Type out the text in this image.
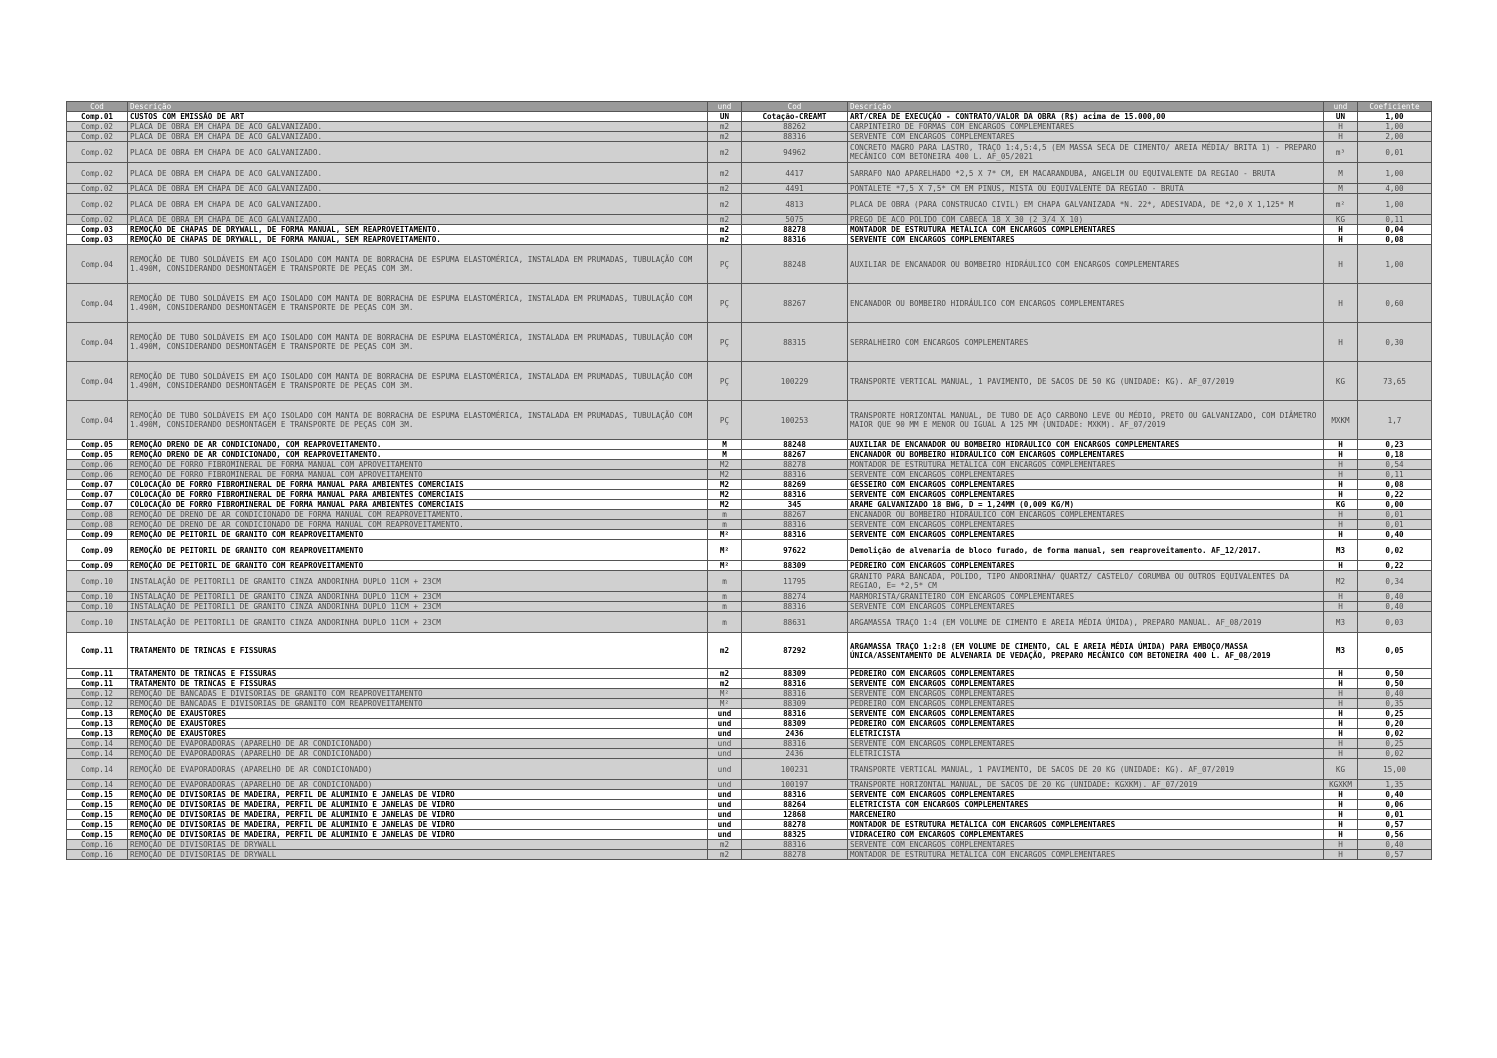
Cod	Descrição	und	Cod	Descrição	und	Coeficiente
Comp.01	CUSTOS COM EMISSÃO DE ART	UN	Cotação-CREAMT	ART/CREA DE EXECUÇÃO - CONTRATO/VALOR DA OBRA (R$) acima de 15.000,00	UN	1,00
Comp.02	PLACA DE OBRA EM CHAPA DE ACO GALVANIZADO.	m2	88262	CARPINTEIRO DE FORMAS COM ENCARGOS COMPLEMENTARES	H	1,00
Comp.02	PLACA DE OBRA EM CHAPA DE ACO GALVANIZADO.	m2	88316	SERVENTE COM ENCARGOS COMPLEMENTARES	H	2,00
Comp.02	PLACA DE OBRA EM CHAPA DE ACO GALVANIZADO.	m2	94962	CONCRETO MAGRO PARA LASTRO, TRAÇO 1:4,5:4,5 (EM MASSA SECA DE CIMENTO/ AREIA MÉDIA/ BRITA 1) - PREPARO MECÂNICO COM BETONEIRA 400 L. AF_05/2021	m³	0,01
Comp.02	PLACA DE OBRA EM CHAPA DE ACO GALVANIZADO.	m2	4417	SARRAFO NAO APARELHADO *2,5 X 7* CM, EM MACARANDUBA, ANGELIM OU EQUIVALENTE DA REGIAO - BRUTA	M	1,00
Comp.02	PLACA DE OBRA EM CHAPA DE ACO GALVANIZADO.	m2	4491	PONTALETE *7,5 X 7,5* CM EM PINUS, MISTA OU EQUIVALENTE DA REGIAO - BRUTA	M	4,00
Comp.02	PLACA DE OBRA EM CHAPA DE ACO GALVANIZADO.	m2	4813	PLACA DE OBRA (PARA CONSTRUCAO CIVIL) EM CHAPA GALVANIZADA *N. 22*, ADESIVADA, DE *2,0 X 1,125* M	m²	1,00
Comp.02	PLACA DE OBRA EM CHAPA DE ACO GALVANIZADO.	m2	5075	PREGO DE ACO POLIDO COM CABECA 18 X 30 (2 3/4 X 10)	KG	0,11
Comp.03	REMOÇÃO DE CHAPAS DE DRYWALL, DE FORMA MANUAL, SEM REAPROVEITAMENTO.	m2	88278	MONTADOR DE ESTRUTURA METÁLICA COM ENCARGOS COMPLEMENTARES	H	0,04
Comp.03	REMOÇÃO DE CHAPAS DE DRYWALL, DE FORMA MANUAL, SEM REAPROVEITAMENTO.	m2	88316	SERVENTE COM ENCARGOS COMPLEMENTARES	H	0,08
Comp.04	REMOÇÃO DE TUBO SOLDÁVEIS EM AÇO ISOLADO COM MANTA DE BORRACHA DE ESPUMA ELASTOMÉRICA, INSTALADA EM PRUMADAS, TUBULAÇÃO COM 1.490M, CONSIDERANDO DESMONTAGEM E TRANSPORTE DE PEÇAS COM 3M.	PÇ	88248	AUXILIAR DE ENCANADOR OU BOMBEIRO HIDRÁULICO COM ENCARGOS COMPLEMENTARES	H	1,00
Comp.04	REMOÇÃO DE TUBO SOLDÁVEIS EM AÇO ISOLADO COM MANTA DE BORRACHA DE ESPUMA ELASTOMÉRICA, INSTALADA EM PRUMADAS, TUBULAÇÃO COM 1.490M, CONSIDERANDO DESMONTAGEM E TRANSPORTE DE PEÇAS COM 3M.	PÇ	88267	ENCANADOR OU BOMBEIRO HIDRÁULICO COM ENCARGOS COMPLEMENTARES	H	0,60
Comp.04	REMOÇÃO DE TUBO SOLDÁVEIS EM AÇO ISOLADO COM MANTA DE BORRACHA DE ESPUMA ELASTOMÉRICA, INSTALADA EM PRUMADAS, TUBULAÇÃO COM 1.490M, CONSIDERANDO DESMONTAGEM E TRANSPORTE DE PEÇAS COM 3M.	PÇ	88315	SERRALHEIRO COM ENCARGOS COMPLEMENTARES	H	0,30
Comp.04	REMOÇÃO DE TUBO SOLDÁVEIS EM AÇO ISOLADO COM MANTA DE BORRACHA DE ESPUMA ELASTOMÉRICA, INSTALADA EM PRUMADAS, TUBULAÇÃO COM 1.490M, CONSIDERANDO DESMONTAGEM E TRANSPORTE DE PEÇAS COM 3M.	PÇ	100229	TRANSPORTE VERTICAL MANUAL, 1 PAVIMENTO, DE SACOS DE 50 KG (UNIDADE: KG). AF_07/2019	KG	73,65
Comp.04	REMOÇÃO DE TUBO SOLDÁVEIS EM AÇO ISOLADO COM MANTA DE BORRACHA DE ESPUMA ELASTOMÉRICA, INSTALADA EM PRUMADAS, TUBULAÇÃO COM 1.490M, CONSIDERANDO DESMONTAGEM E TRANSPORTE DE PEÇAS COM 3M.	PÇ	100253	TRANSPORTE HORIZONTAL MANUAL, DE TUBO DE AÇO CARBONO LEVE OU MÉDIO, PRETO OU GALVANIZADO, COM DIÂMETRO MAIOR QUE 90 MM E MENOR OU IGUAL A 125 MM (UNIDADE: MXKM). AF_07/2019	MXKM	1,7
Comp.05	REMOÇÃO DRENO DE AR CONDICIONADO, COM REAPROVEITAMENTO.	M	88248	AUXILIAR DE ENCANADOR OU BOMBEIRO HIDRÁULICO COM ENCARGOS COMPLEMENTARES	H	0,23
Comp.05	REMOÇÃO DRENO DE AR CONDICIONADO, COM REAPROVEITAMENTO.	M	88267	ENCANADOR OU BOMBEIRO HIDRÁULICO COM ENCARGOS COMPLEMENTARES	H	0,18
Comp.06	REMOÇÃO DE FORRO FIBROMINERAL DE FORMA MANUAL COM APROVEITAMENTO	M2	88278	MONTADOR DE ESTRUTURA METÁLICA COM ENCARGOS COMPLEMENTARES	H	0,54
Comp.06	REMOÇÃO DE FORRO FIBROMINERAL DE FORMA MANUAL COM APROVEITAMENTO	M2	88316	SERVENTE COM ENCARGOS COMPLEMENTARES	H	0,11
Comp.07	COLOCAÇÃO DE FORRO FIBROMINERAL DE FORMA MANUAL PARA AMBIENTES COMERCIAIS	M2	88269	GESSEIRO COM ENCARGOS COMPLEMENTARES	H	0,08
Comp.07	COLOCAÇÃO DE FORRO FIBROMINERAL DE FORMA MANUAL PARA AMBIENTES COMERCIAIS	M2	88316	SERVENTE COM ENCARGOS COMPLEMENTARES	H	0,22
Comp.07	COLOCAÇÃO DE FORRO FIBROMINERAL DE FORMA MANUAL PARA AMBIENTES COMERCIAIS	M2	345	ARAME GALVANIZADO 18 BWG, D = 1,24MM (0,009 KG/M)	KG	0,00
Comp.08	REMOÇÃO DE DRENO DE AR CONDICIONADO DE FORMA MANUAL COM REAPROVEITAMENTO.	m	88267	ENCANADOR OU BOMBEIRO HIDRÁULICO COM ENCARGOS COMPLEMENTARES	H	0,01
Comp.08	REMOÇÃO DE DRENO DE AR CONDICIONADO DE FORMA MANUAL COM REAPROVEITAMENTO.	m	88316	SERVENTE COM ENCARGOS COMPLEMENTARES	H	0,01
Comp.09	REMOÇÃO DE PEITORIL DE GRANITO COM REAPROVEITAMENTO	M²	88316	SERVENTE COM ENCARGOS COMPLEMENTARES	H	0,40
Comp.09	REMOÇÃO DE PEITORIL DE GRANITO COM REAPROVEITAMENTO	M²	97622	Demolição de alvenaria de bloco furado, de forma manual, sem reaproveitamento. AF_12/2017.	M3	0,02
Comp.09	REMOÇÃO DE PEITORIL DE GRANITO COM REAPROVEITAMENTO	M²	88309	PEDREIRO COM ENCARGOS COMPLEMENTARES	H	0,22
Comp.10	INSTALAÇÃO DE PEITORIL1 DE GRANITO CINZA ANDORINHA DUPLO 11CM + 23CM	m	11795	GRANITO PARA BANCADA, POLIDO, TIPO ANDORINHA/ QUARTZ/ CASTELO/ CORUMBA OU OUTROS EQUIVALENTES DA REGIAO, E= *2,5* CM	M2	0,34
Comp.10	INSTALAÇÃO DE PEITORIL1 DE GRANITO CINZA ANDORINHA DUPLO 11CM + 23CM	m	88274	MARMORISTA/GRANITEIRO COM ENCARGOS COMPLEMENTARES	H	0,40
Comp.10	INSTALAÇÃO DE PEITORIL1 DE GRANITO CINZA ANDORINHA DUPLO 11CM + 23CM	m	88316	SERVENTE COM ENCARGOS COMPLEMENTARES	H	0,40
Comp.10	INSTALAÇÃO DE PEITORIL1 DE GRANITO CINZA ANDORINHA DUPLO 11CM + 23CM	m	88631	ARGAMASSA TRAÇO 1:4 (EM VOLUME DE CIMENTO E AREIA MÉDIA ÚMIDA), PREPARO MANUAL. AF_08/2019	M3	0,03
Comp.11	TRATAMENTO DE TRINCAS E FISSURAS	m2	87292	ARGAMASSA TRAÇO 1:2:8 (EM VOLUME DE CIMENTO, CAL E AREIA MÉDIA ÚMIDA) PARA EMBOÇO/MASSA ÚNICA/ASSENTAMENTO DE ALVENARIA DE VEDAÇÃO, PREPARO MECÂNICO COM BETONEIRA 400 L. AF_08/2019	M3	0,05
Comp.11	TRATAMENTO DE TRINCAS E FISSURAS	m2	88309	PEDREIRO COM ENCARGOS COMPLEMENTARES	H	0,50
Comp.11	TRATAMENTO DE TRINCAS E FISSURAS	m2	88316	SERVENTE COM ENCARGOS COMPLEMENTARES	H	0,50
Comp.12	REMOÇÃO DE BANCADAS E DIVISORIAS DE GRANITO COM REAPROVEITAMENTO	M²	88316	SERVENTE COM ENCARGOS COMPLEMENTARES	H	0,40
Comp.12	REMOÇÃO DE BANCADAS E DIVISORIAS DE GRANITO COM REAPROVEITAMENTO	M²	88309	PEDREIRO COM ENCARGOS COMPLEMENTARES	H	0,35
Comp.13	REMOÇÃO DE EXAUSTORES	und	88316	SERVENTE COM ENCARGOS COMPLEMENTARES	H	0,25
Comp.13	REMOÇÃO DE EXAUSTORES	und	88309	PEDREIRO COM ENCARGOS COMPLEMENTARES	H	0,20
Comp.13	REMOÇÃO DE EXAUSTORES	und	2436	ELETRICISTA	H	0,02
Comp.14	REMOÇÃO DE EVAPORADORAS (APARELHO DE AR CONDICIONADO)	und	88316	SERVENTE COM ENCARGOS COMPLEMENTARES	H	0,25
Comp.14	REMOÇÃO DE EVAPORADORAS (APARELHO DE AR CONDICIONADO)	und	2436	ELETRICISTA	H	0,02
Comp.14	REMOÇÃO DE EVAPORADORAS (APARELHO DE AR CONDICIONADO)	und	100231	TRANSPORTE VERTICAL MANUAL, 1 PAVIMENTO, DE SACOS DE 20 KG (UNIDADE: KG). AF_07/2019	KG	15,00
Comp.14	REMOÇÃO DE EVAPORADORAS (APARELHO DE AR CONDICIONADO)	und	100197	TRANSPORTE HORIZONTAL MANUAL, DE SACOS DE 20 KG (UNIDADE: KGXKM). AF_07/2019	KGXKM	1,35
Comp.15	REMOÇÃO DE DIVISORIAS DE MADEIRA, PERFIL DE ALUMINIO E JANELAS DE VIDRO	und	88316	SERVENTE COM ENCARGOS COMPLEMENTARES	H	0,40
Comp.15	REMOÇÃO DE DIVISORIAS DE MADEIRA, PERFIL DE ALUMINIO E JANELAS DE VIDRO	und	88264	ELETRICISTA COM ENCARGOS COMPLEMENTARES	H	0,06
Comp.15	REMOÇÃO DE DIVISORIAS DE MADEIRA, PERFIL DE ALUMINIO E JANELAS DE VIDRO	und	12868	MARCENEIRO	H	0,01
Comp.15	REMOÇÃO DE DIVISORIAS DE MADEIRA, PERFIL DE ALUMINIO E JANELAS DE VIDRO	und	88278	MONTADOR DE ESTRUTURA METÁLICA COM ENCARGOS COMPLEMENTARES	H	0,57
Comp.15	REMOÇÃO DE DIVISORIAS DE MADEIRA, PERFIL DE ALUMINIO E JANELAS DE VIDRO	und	88325	VIDRACEIRO COM ENCARGOS COMPLEMENTARES	H	0,56
Comp.16	REMOÇÃO DE DIVISORIAS DE DRYWALL	m2	88316	SERVENTE COM ENCARGOS COMPLEMENTARES	H	0,40
Comp.16	REMOÇÃO DE DIVISORIAS DE DRYWALL	m2	88278	MONTADOR DE ESTRUTURA METÁLICA COM ENCARGOS COMPLEMENTARES	H	0,57
